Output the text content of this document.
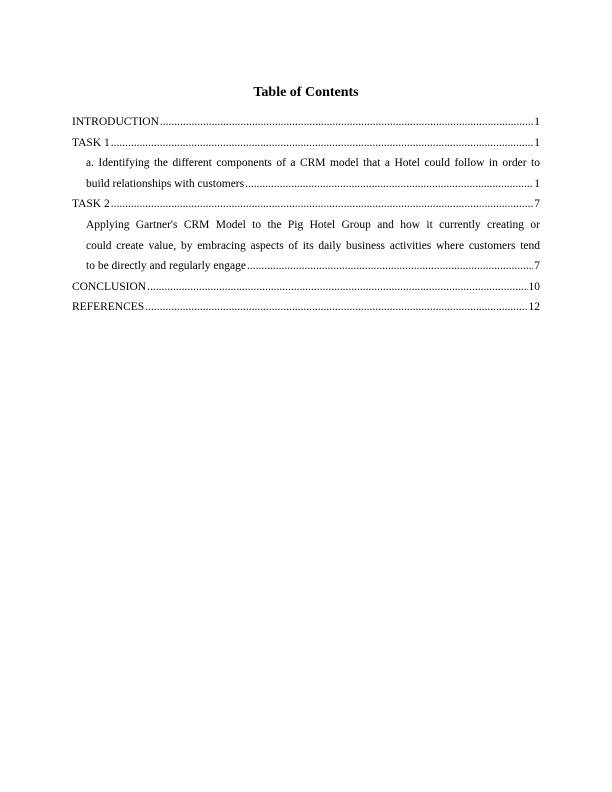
Table of Contents
INTRODUCTION .....	1
TASK 1 .....	1
a. Identifying the different components of a CRM model that a Hotel could follow in order to
build relationships with customers .....	1
TASK 2 .....	7
Applying Gartner's CRM Model to the Pig Hotel Group and how it currently creating or
could create value, by embracing aspects of its daily business activities where customers tend
to be directly and regularly engage .....	7
CONCLUSION .....	10
REFERENCES .....	12
